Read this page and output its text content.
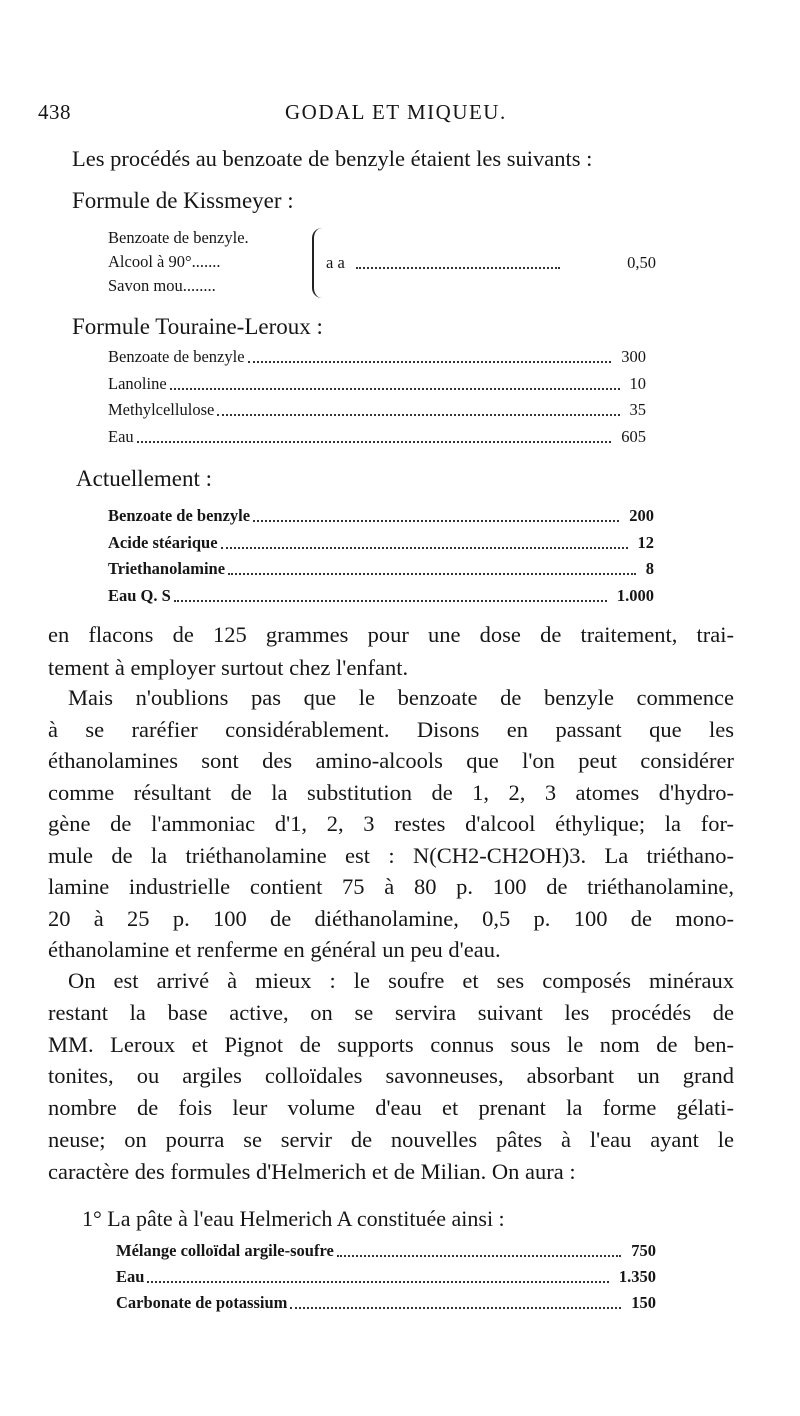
438	GODAL ET MIQUEU.
Les procédés au benzoate de benzyle étaient les suivants :
Formule de Kissmeyer :
Benzoate de benzyle.
Alcool à 90°.......
Savon mou........
a a	0,50
Formule Touraine-Leroux :
Benzoate de benzyle	300
Lanoline	10
Methylcellulose	35
Eau	605
Actuellement :
Benzoate de benzyle	200
Acide stéarique	12
Triethanolamine	8
Eau Q. S	1.000
en flacons de 125 grammes pour une dose de traitement, trai-
tement à employer surtout chez l'enfant.
Mais n'oublions pas que le benzoate de benzyle commence
à se raréfier considérablement. Disons en passant que les
éthanolamines sont des amino-alcools que l'on peut considérer
comme résultant de la substitution de 1, 2, 3 atomes d'hydro-
gène de l'ammoniac d'1, 2, 3 restes d'alcool éthylique; la for-
mule de la triéthanolamine est : N(CH2-CH2OH)3. La triéthano-
lamine industrielle contient 75 à 80 p. 100 de triéthanolamine,
20 à 25 p. 100 de diéthanolamine, 0,5 p. 100 de mono-
éthanolamine et renferme en général un peu d'eau.
On est arrivé à mieux : le soufre et ses composés minéraux
restant la base active, on se servira suivant les procédés de
MM. Leroux et Pignot de supports connus sous le nom de ben-
tonites, ou argiles colloïdales savonneuses, absorbant un grand
nombre de fois leur volume d'eau et prenant la forme gélati-
neuse; on pourra se servir de nouvelles pâtes à l'eau ayant le
caractère des formules d'Helmerich et de Milian. On aura :
1° La pâte à l'eau Helmerich A constituée ainsi :
Mélange colloïdal argile-soufre	750
Eau	1.350
Carbonate de potassium	150
